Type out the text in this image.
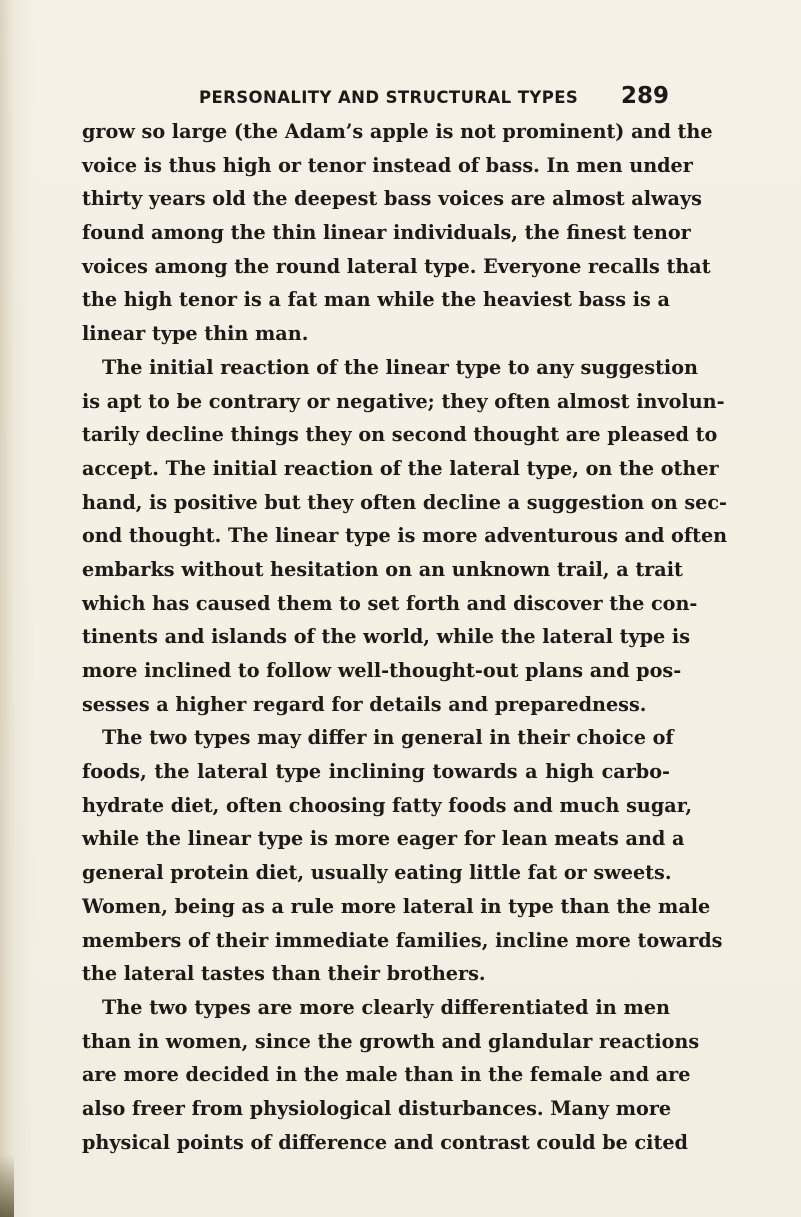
PERSONALITY AND STRUCTURAL TYPES 289
grow so large (the Adam’s apple is not prominent) and the
voice is thus high or tenor instead of bass. In men under
thirty years old the deepest bass voices are almost always
found among the thin linear individuals, the finest tenor
voices among the round lateral type. Everyone recalls that
the high tenor is a fat man while the heaviest bass is a
linear type thin man.
The initial reaction of the linear type to any suggestion
is apt to be contrary or negative; they often almost involun-
tarily decline things they on second thought are pleased to
accept. The initial reaction of the lateral type, on the other
hand, is positive but they often decline a suggestion on sec-
ond thought. The linear type is more adventurous and often
embarks without hesitation on an unknown trail, a trait
which has caused them to set forth and discover the con-
tinents and islands of the world, while the lateral type is
more inclined to follow well-thought-out plans and pos-
sesses a higher regard for details and preparedness.
The two types may differ in general in their choice of
foods, the lateral type inclining towards a high carbo-
hydrate diet, often choosing fatty foods and much sugar,
while the linear type is more eager for lean meats and a
general protein diet, usually eating little fat or sweets.
Women, being as a rule more lateral in type than the male
members of their immediate families, incline more towards
the lateral tastes than their brothers.
The two types are more clearly differentiated in men
than in women, since the growth and glandular reactions
are more decided in the male than in the female and are
also freer from physiological disturbances. Many more
physical points of difference and contrast could be cited
